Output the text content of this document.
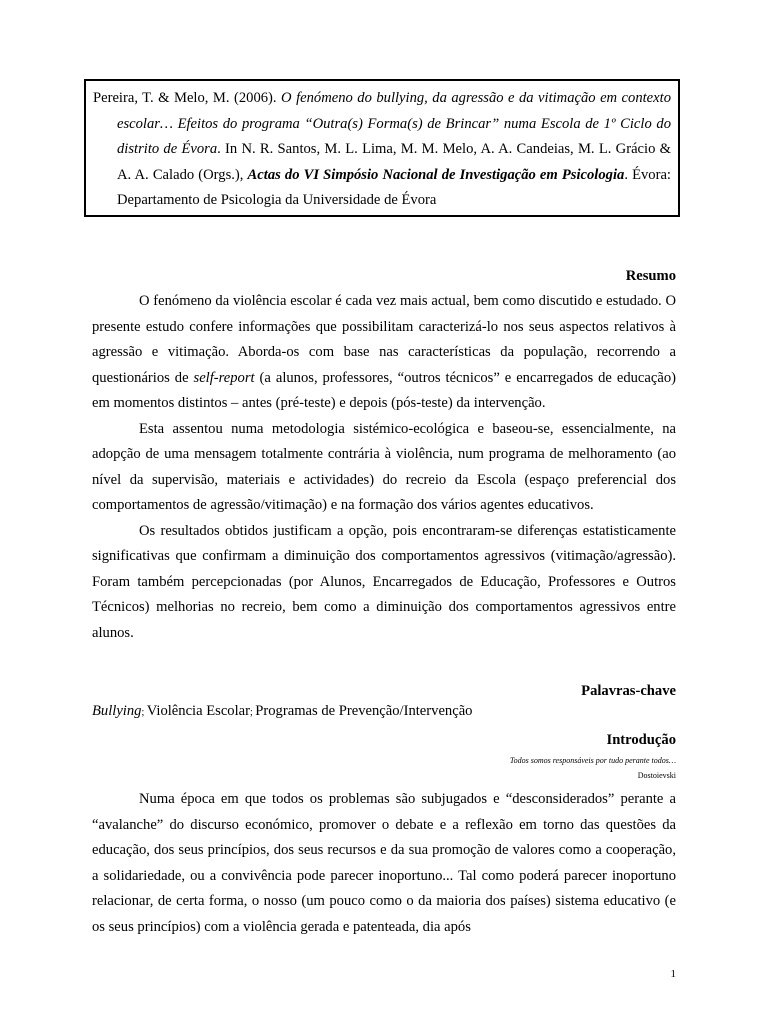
Pereira, T. & Melo, M. (2006). O fenómeno do bullying, da agressão e da vitimação em contexto escolar… Efeitos do programa “Outra(s) Forma(s) de Brincar” numa Escola de 1º Ciclo do distrito de Évora. In N. R. Santos, M. L. Lima, M. M. Melo, A. A. Candeias, M. L. Grácio & A. A. Calado (Orgs.), Actas do VI Simpósio Nacional de Investigação em Psicologia. Évora: Departamento de Psicologia da Universidade de Évora

Resumo

O fenómeno da violência escolar é cada vez mais actual, bem como discutido e estudado. O presente estudo confere informações que possibilitam caracterizá-lo nos seus aspectos relativos à agressão e vitimação. Aborda-os com base nas características da população, recorrendo a questionários de self-report (a alunos, professores, “outros técnicos” e encarregados de educação) em momentos distintos – antes (pré-teste) e depois (pós-teste) da intervenção.

Esta assentou numa metodologia sistémico-ecológica e baseou-se, essencialmente, na adopção de uma mensagem totalmente contrária à violência, num programa de melhoramento (ao nível da supervisão, materiais e actividades) do recreio da Escola (espaço preferencial dos comportamentos de agressão/vitimação) e na formação dos vários agentes educativos.

Os resultados obtidos justificam a opção, pois encontraram-se diferenças estatisticamente significativas que confirmam a diminuição dos comportamentos agressivos (vitimação/agressão). Foram também percepcionadas (por Alunos, Encarregados de Educação, Professores e Outros Técnicos) melhorias no recreio, bem como a diminuição dos comportamentos agressivos entre alunos.

Palavras-chave
Bullying; Violência Escolar; Programas de Prevenção/Intervenção
Introdução
Todos somos responsáveis por tudo perante todos…
Dostoievski

Numa época em que todos os problemas são subjugados e “desconsiderados” perante a “avalanche” do discurso económico, promover o debate e a reflexão em torno das questões da educação, dos seus princípios, dos seus recursos e da sua promoção de valores como a cooperação, a solidariedade, ou a convivência pode parecer inoportuno... Tal como poderá parecer inoportuno relacionar, de certa forma, o nosso (um pouco como o da maioria dos países) sistema educativo (e os seus princípios) com a violência gerada e patenteada, dia após

1
